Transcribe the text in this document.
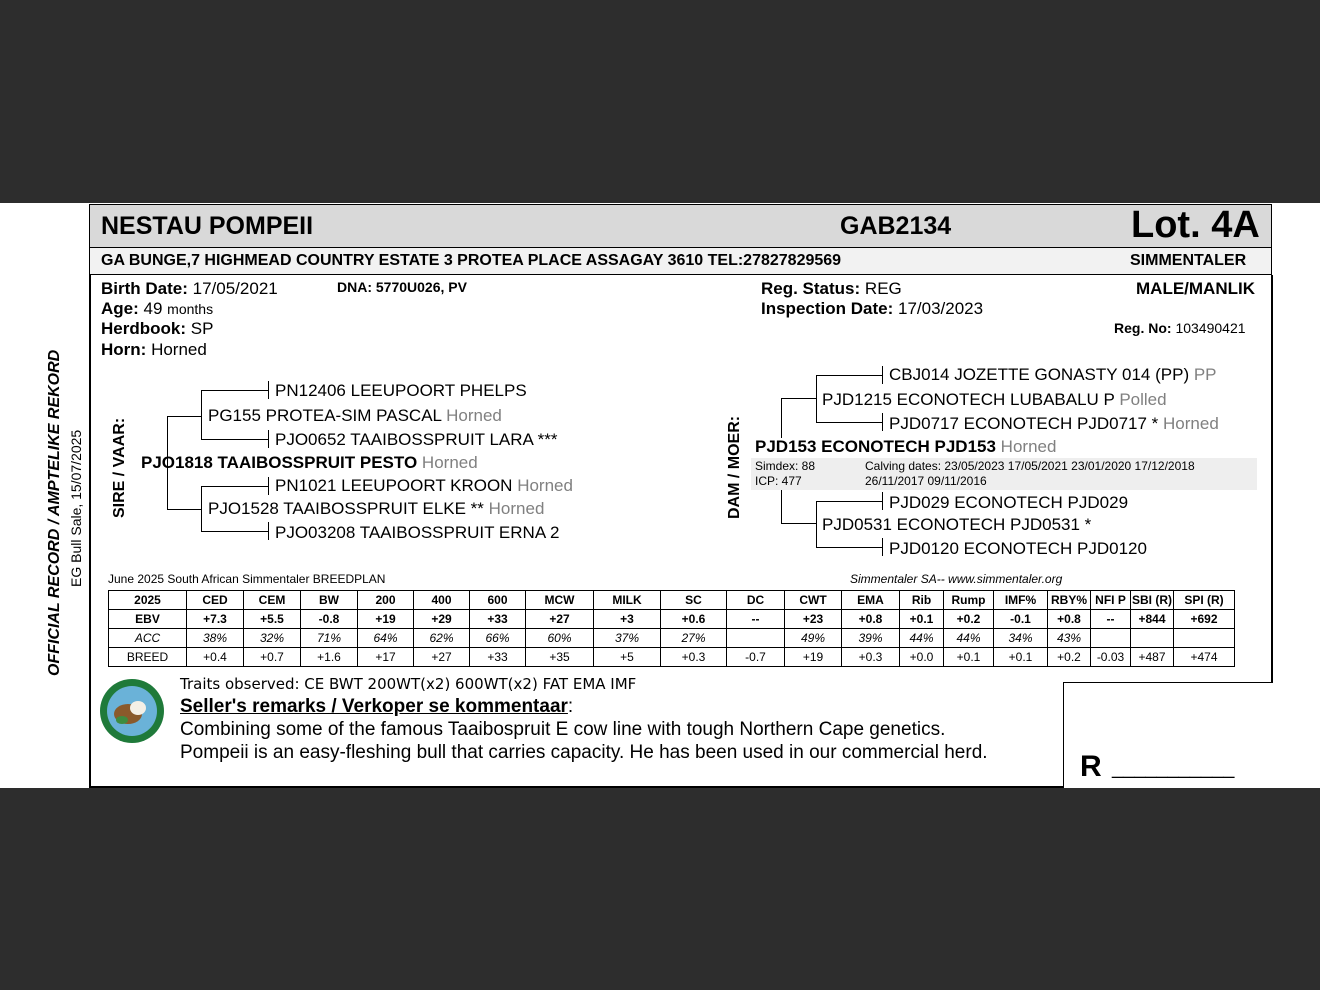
OFFICIAL RECORD / AMPTELIKE REKORD EG Bull Sale, 15/07/2025
NESTAU POMPEII	GAB2134	Lot. 4A
GA BUNGE,7 HIGHMEAD COUNTRY ESTATE 3 PROTEA PLACE ASSAGAY 3610 TEL:27827829569	SIMMENTALER
Birth Date: 17/05/2021	DNA: 5770U026, PV
Age: 49 months
Herdbook: SP
Horn: Horned
Reg. Status: REG
Inspection Date: 17/03/2023
MALE/MANLIK
Reg. No: 103490421
SIRE / VAAR:
PN12406 LEEUPOORT PHELPS
PG155 PROTEA-SIM PASCAL Horned
PJO0652 TAAIBOSSPRUIT LARA ***
PJO1818 TAAIBOSSPRUIT PESTO Horned
PN1021 LEEUPOORT KROON Horned
PJO1528 TAAIBOSSPRUIT ELKE ** Horned
PJO03208 TAAIBOSSPRUIT ERNA 2
DAM / MOER:
CBJ014 JOZETTE GONASTY 014 (PP) PP
PJD1215 ECONOTECH LUBABALU P Polled
PJD0717 ECONOTECH PJD0717 * Horned
PJD153 ECONOTECH PJD153 Horned
Simdex: 88
ICP: 477
Calving dates: 23/05/2023 17/05/2021 23/01/2020 17/12/2018
26/11/2017 09/11/2016
PJD029 ECONOTECH PJD029
PJD0531 ECONOTECH PJD0531 *
PJD0120 ECONOTECH PJD0120
June 2025 South African Simmentaler BREEDPLAN	Simmentaler SA-- www.simmentaler.org
2025	CED	CEM	BW	200	400	600	MCW	MILK	SC	DC	CWT	EMA	Rib	Rump	IMF%	RBY%	NFI P	SBI (R)	SPI (R)
EBV	+7.3	+5.5	-0.8	+19	+29	+33	+27	+3	+0.6	--	+23	+0.8	+0.1	+0.2	-0.1	+0.8	--	+844	+692
ACC	38%	32%	71%	64%	62%	66%	60%	37%	27%		49%	39%	44%	44%	34%	43%			
BREED	+0.4	+0.7	+1.6	+17	+27	+33	+35	+5	+0.3	-0.7	+19	+0.3	+0.0	+0.1	+0.1	+0.2	-0.03	+487	+474
Traits observed: CE BWT 200WT(x2) 600WT(x2) FAT EMA IMF
Seller's remarks / Verkoper se kommentaar:
Combining some of the famous Taaibospruit E cow line with tough Northern Cape genetics.
Pompeii is an easy-fleshing bull that carries capacity. He has been used in our commercial herd.	R ___________
